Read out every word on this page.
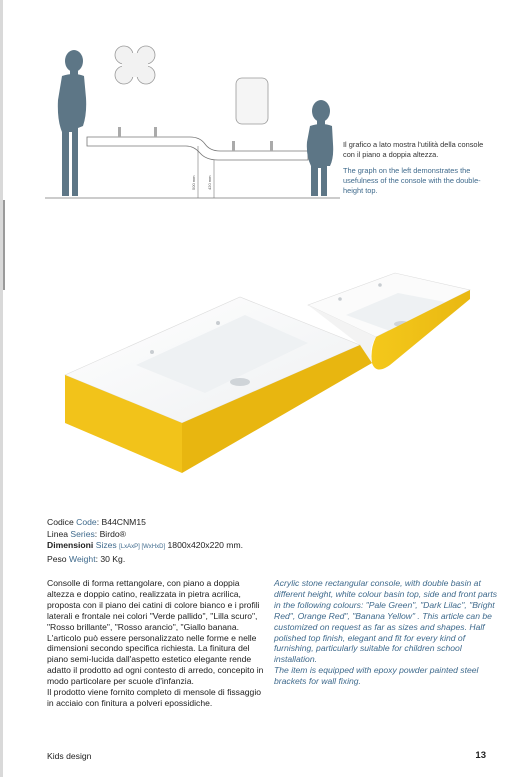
500 mm	420 mm
Il grafico a lato mostra l'utilità della console con il piano a doppia altezza.
The graph on the left demonstrates the usefulness of the console with the double-height top.
Codice Code: B44CNM15
Linea Series: Birdo®
Dimensioni Sizes [LxAxP] [WxHxD] 1800x420x220 mm.
Peso Weight: 30 Kg.
Consolle di forma rettangolare, con piano a doppia altezza e doppio catino, realizzata in pietra acrilica, proposta con il piano dei catini di colore bianco e i profili laterali e frontale nei colori "Verde pallido", "Lilla scuro", "Rosso brillante", "Rosso arancio", "Giallo banana. L'articolo può essere personalizzato nelle forme e nelle dimensioni secondo specifica richiesta. La finitura del piano semi-lucida dall'aspetto estetico elegante rende adatto il prodotto ad ogni contesto di arredo, concepito in modo particolare per scuole d'infanzia.
Il prodotto viene fornito completo di mensole di fissaggio in acciaio con finitura a polveri epossidiche.
Acrylic stone rectangular console, with double basin at different height, white colour basin top, side and front parts in the following colours: "Pale Green", "Dark Lilac", "Bright Red", Orange Red", "Banana Yellow" . This article can be customized on request as far as sizes and shapes. Half polished top finish, elegant and fit for every kind of furnishing, particularly suitable for children school installation.
The item is equipped with epoxy powder painted steel brackets for wall fixing.
Kids design	13
